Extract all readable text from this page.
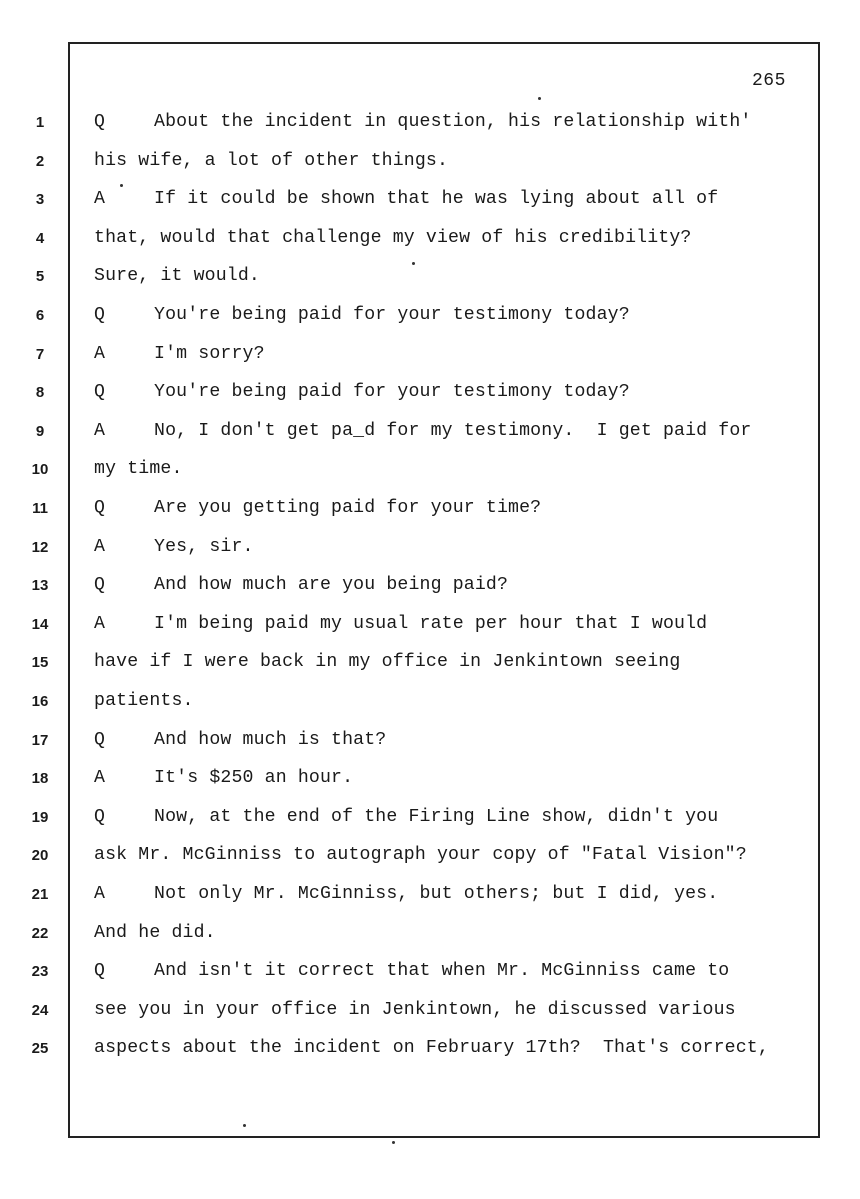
265
1	Q	About the incident in question, his relationship with'
2	his wife, a lot of other things.
3	A	If it could be shown that he was lying about all of
4	that, would that challenge my view of his credibility?
5	Sure, it would.
6	Q	You're being paid for your testimony today?
7	A	I'm sorry?
8	Q	You're being paid for your testimony today?
9	A	No, I don't get pa_d for my testimony.  I get paid for
10	my time.
11	Q	Are you getting paid for your time?
12	A	Yes, sir.
13	Q	And how much are you being paid?
14	A	I'm being paid my usual rate per hour that I would
15	have if I were back in my office in Jenkintown seeing
16	patients.
17	Q	And how much is that?
18	A	It's $250 an hour.
19	Q	Now, at the end of the Firing Line show, didn't you
20	ask Mr. McGinniss to autograph your copy of "Fatal Vision"?
21	A	Not only Mr. McGinniss, but others; but I did, yes.
22	And he did.
23	Q	And isn't it correct that when Mr. McGinniss came to
24	see you in your office in Jenkintown, he discussed various
25	aspects about the incident on February 17th?  That's correct,
